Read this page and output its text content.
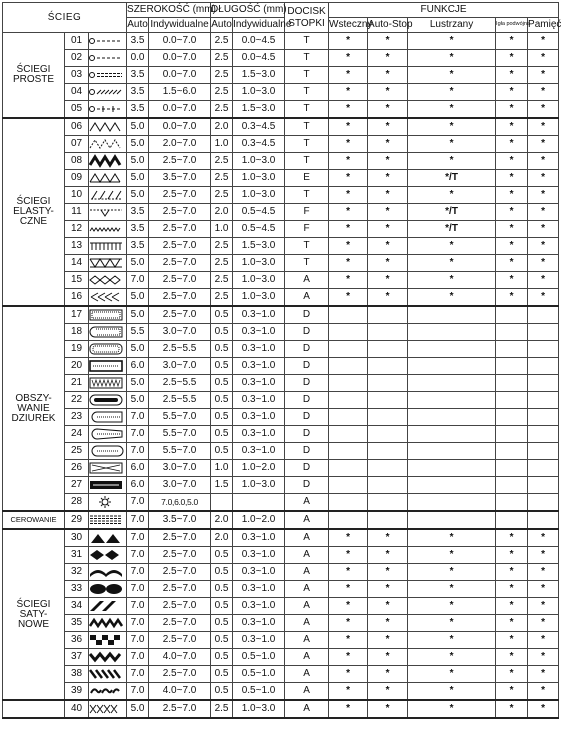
ŚCIEG			SZEROKOŚĆ (mm)		DŁUGOŚĆ (mm)		DOCISK
STOPKI	FUNKCJE				
			Auto	Indywidualne	Auto	Indywidualne		Wsteczny	Auto-Stop	Lustrzany	Igła podwójna	Pamięć

ŚCIEGI
PROSTE	01		3.5	0.0~7.0	2.5	0.0~4.5	T	*	*	*	*	*
	02		0.0	0.0~7.0	2.5	0.0~4.5	T	*	*	*	*	*
	03		3.5	0.0~7.0	2.5	1.5~3.0	T	*	*	*	*	*
	04		3.5	1.5~6.0	2.5	1.0~3.0	T	*	*	*	*	*
	05		3.5	0.0~7.0	2.5	1.5~3.0	T	*	*	*	*	*

ŚCIEGI
ELASTY-
CZNE	06		5.0	0.0~7.0	2.0	0.3~4.5	T	*	*	*	*	*
	07		5.0	2.0~7.0	1.0	0.3~4.5	T	*	*	*	*	*
	08		5.0	2.5~7.0	2.5	1.0~3.0	T	*	*	*	*	*
	09		5.0	3.5~7.0	2.5	1.0~3.0	E	*	*	*/T	*	*
	10		5.0	2.5~7.0	2.5	1.0~3.0	T	*	*	*	*	*
	11		3.5	2.5~7.0	2.0	0.5~4.5	F	*	*	*/T	*	*
	12		3.5	2.5~7.0	1.0	0.5~4.5	F	*	*	*/T	*	*
	13		3.5	2.5~7.0	2.5	1.5~3.0	T	*	*	*	*	*
	14		5.0	2.5~7.0	2.5	1.0~3.0	T	*	*	*	*	*
	15		7.0	2.5~7.0	2.5	1.0~3.0	A	*	*	*	*	*
	16		5.0	2.5~7.0	2.5	1.0~3.0	A	*	*	*	*	*

OBSZY-
WANIE
DZIUREK	17		5.0	2.5~7.0	0.5	0.3~1.0	D					
	18		5.5	3.0~7.0	0.5	0.3~1.0	D					
	19		5.0	2.5~5.5	0.5	0.3~1.0	D					
	20		6.0	3.0~7.0	0.5	0.3~1.0	D					
	21		5.0	2.5~5.5	0.5	0.3~1.0	D					
	22		5.0	2.5~5.5	0.5	0.3~1.0	D					
	23		7.0	5.5~7.0	0.5	0.3~1.0	D					
	24		7.0	5.5~7.0	0.5	0.3~1.0	D					
	25		7.0	5.5~7.0	0.5	0.3~1.0	D					
	26		6.0	3.0~7.0	1.0	1.0~2.0	D					
	27		6.0	3.0~7.0	1.5	1.0~3.0	D					
	28		7.0	7.0,6.0,5.0			A					

CEROWANIE	29		7.0	3.5~7.0	2.0	1.0~2.0	A					

ŚCIEGI
SATY-
NOWE	30		7.0	2.5~7.0	2.0	0.3~1.0	A	*	*	*	*	*
	31		7.0	2.5~7.0	0.5	0.3~1.0	A	*	*	*	*	*
	32		7.0	2.5~7.0	0.5	0.3~1.0	A	*	*	*	*	*
	33		7.0	2.5~7.0	0.5	0.3~1.0	A	*	*	*	*	*
	34		7.0	2.5~7.0	0.5	0.3~1.0	A	*	*	*	*	*
	35		7.0	2.5~7.0	0.5	0.3~1.0	A	*	*	*	*	*
	36		7.0	2.5~7.0	0.5	0.3~1.0	A	*	*	*	*	*
	37		7.0	4.0~7.0	0.5	0.5~1.0	A	*	*	*	*	*
	38		7.0	2.5~7.0	0.5	0.5~1.0	A	*	*	*	*	*
	39		7.0	4.0~7.0	0.5	0.5~1.0	A	*	*	*	*	*

	40		5.0	2.5~7.0	2.5	1.0~3.0	A	*	*	*	*	*
